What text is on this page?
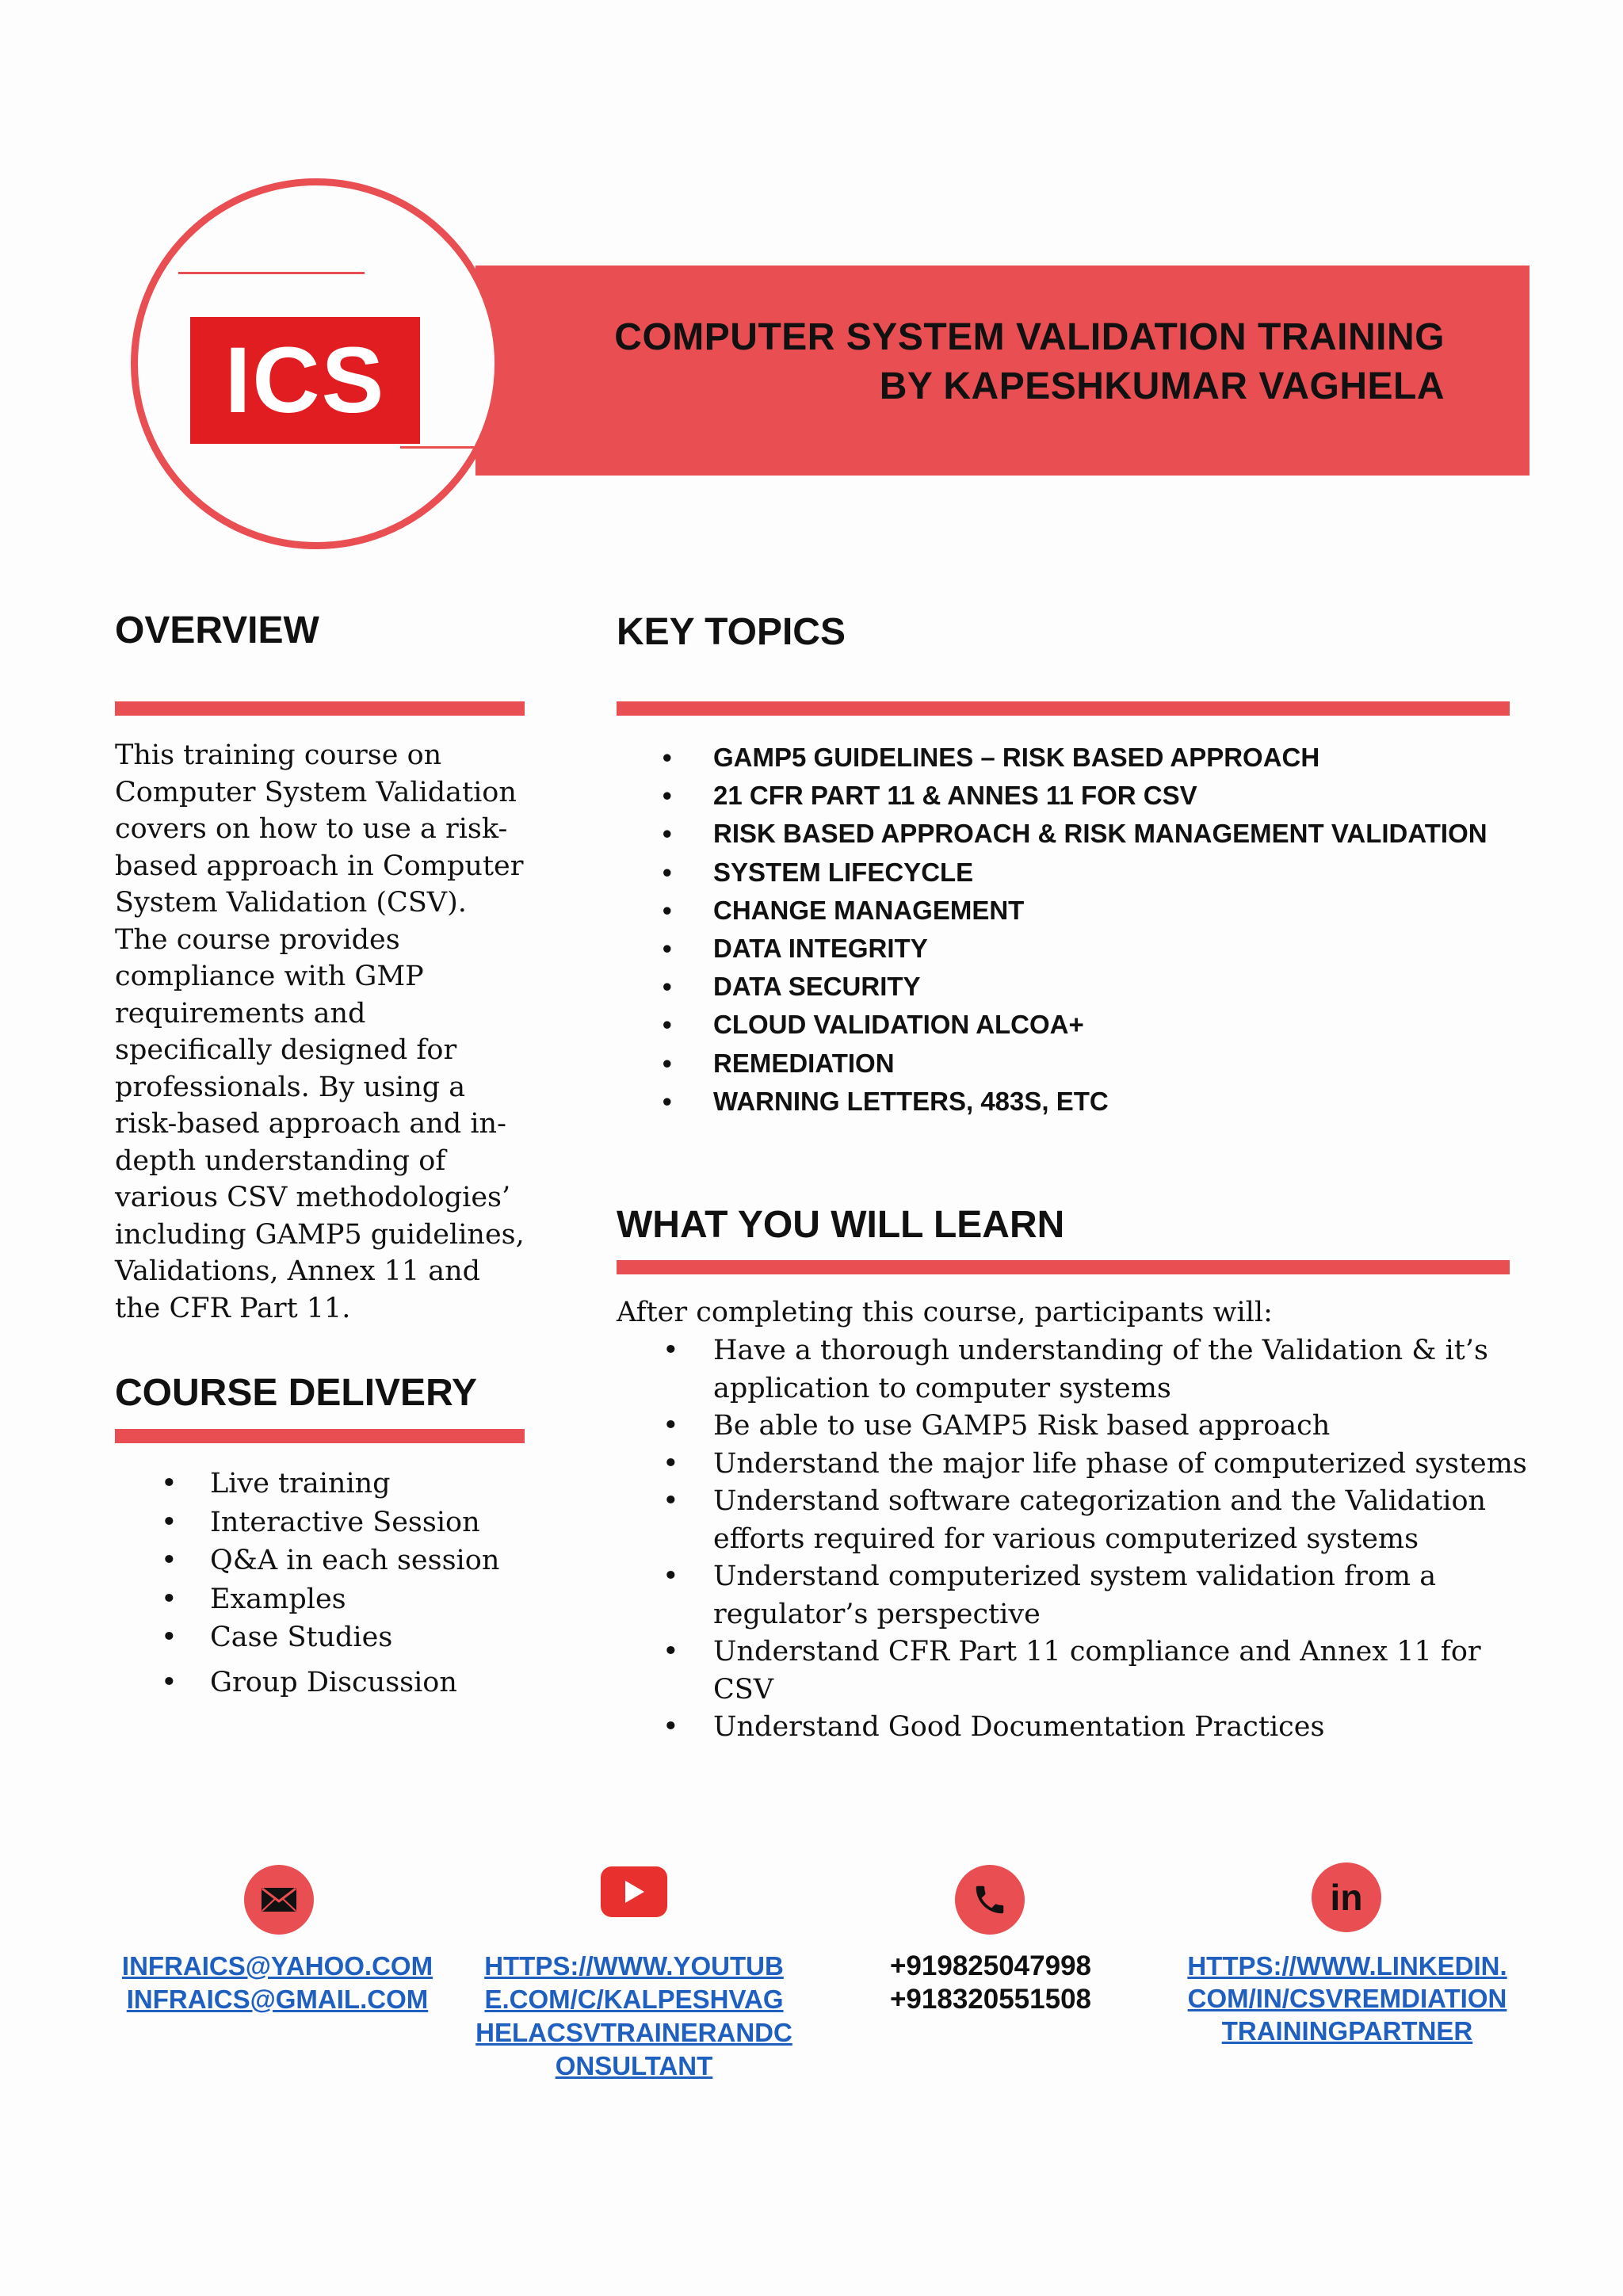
ICS	COMPUTER SYSTEM VALIDATION TRAINING
BY KAPESHKUMAR VAGHELA
OVERVIEW
This training course on Computer System Validation covers on how to use a risk-based approach in Computer System Validation (CSV). The course provides compliance with GMP requirements and specifically designed for professionals. By using a risk-based approach and in-depth understanding of various CSV methodologies’ including GAMP5 guidelines, Validations, Annex 11 and the CFR Part 11.
COURSE DELIVERY
• Live training
• Interactive Session
• Q&A in each session
• Examples
• Case Studies
• Group Discussion
KEY TOPICS
• GAMP5 GUIDELINES – RISK BASED APPROACH
• 21 CFR PART 11 & ANNES 11 FOR CSV
• RISK BASED APPROACH & RISK MANAGEMENT VALIDATION
• SYSTEM LIFECYCLE
• CHANGE MANAGEMENT
• DATA INTEGRITY
• DATA SECURITY
• CLOUD VALIDATION ALCOA+
• REMEDIATION
• WARNING LETTERS, 483S, ETC
WHAT YOU WILL LEARN
After completing this course, participants will:
• Have a thorough understanding of the Validation & it’s application to computer systems
• Be able to use GAMP5 Risk based approach
• Understand the major life phase of computerized systems
• Understand software categorization and the Validation efforts required for various computerized systems
• Understand computerized system validation from a regulator’s perspective
• Understand CFR Part 11 compliance and Annex 11 for CSV
• Understand Good Documentation Practices
INFRAICS@YAHOO.COM
INFRAICS@GMAIL.COM
HTTPS://WWW.YOUTUB
E.COM/C/KALPESHVAG
HELACSVTRAINERANDC
ONSULTANT
+919825047998
+918320551508
in
HTTPS://WWW.LINKEDIN.
COM/IN/CSVREMDIATION
TRAININGPARTNER
